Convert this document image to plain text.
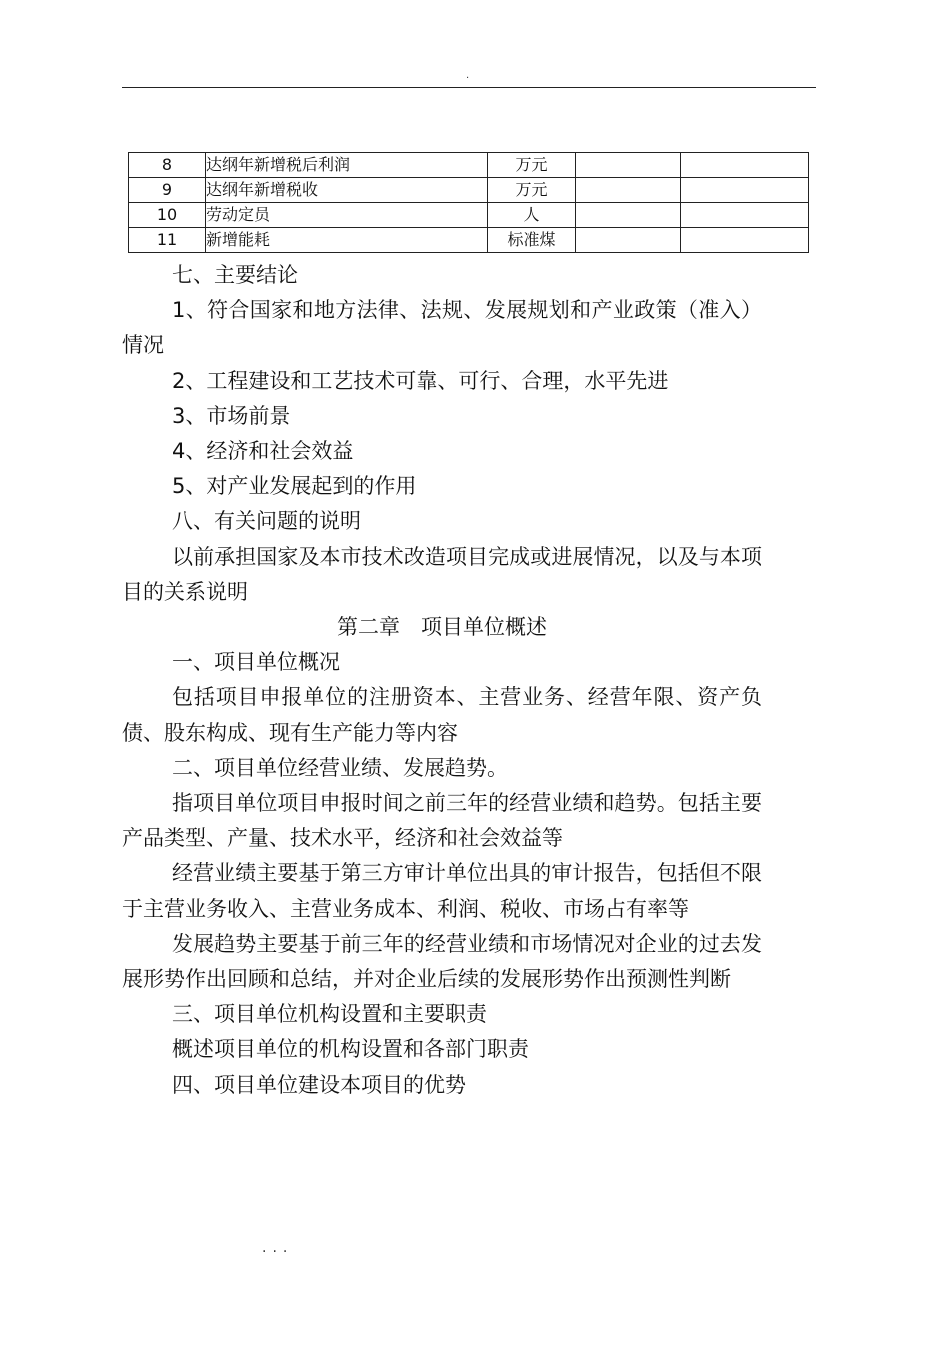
.
8	达纲年新增税后利润	万元		
9	达纲年新增税收	万元		
10	劳动定员	人		
11	新增能耗	标准煤		

七、主要结论

1、符合国家和地方法律、法规、发展规划和产业政策（准入）情况

2、工程建设和工艺技术可靠、可行、合理，水平先进

3、市场前景

4、经济和社会效益

5、对产业发展起到的作用

八、有关问题的说明

以前承担国家及本市技术改造项目完成或进展情况，以及与本项目的关系说明

第二章　项目单位概述

一、项目单位概况

包括项目申报单位的注册资本、主营业务、经营年限、资产负债、股东构成、现有生产能力等内容

二、项目单位经营业绩、发展趋势。

指项目单位项目申报时间之前三年的经营业绩和趋势。包括主要产品类型、产量、技术水平，经济和社会效益等

经营业绩主要基于第三方审计单位出具的审计报告，包括但不限于主营业务收入、主营业务成本、利润、税收、市场占有率等

发展趋势主要基于前三年的经营业绩和市场情况对企业的过去发展形势作出回顾和总结，并对企业后续的发展形势作出预测性判断

三、项目单位机构设置和主要职责

概述项目单位的机构设置和各部门职责

四、项目单位建设本项目的优势

...
